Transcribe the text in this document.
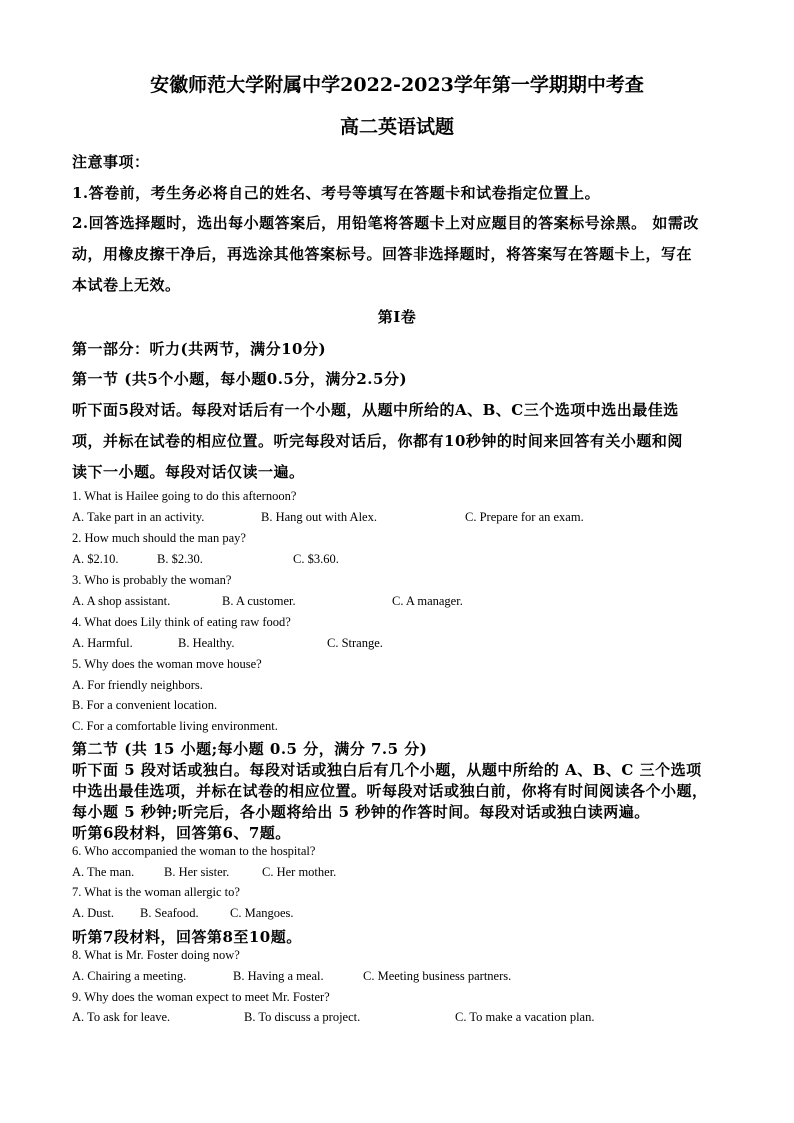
安徽师范大学附属中学2022-2023学年第一学期期中考查
高二英语试题
注意事项：
1.答卷前，考生务必将自己的姓名、考号等填写在答题卡和试卷指定位置上。
2.回答选择题时，选出每小题答案后，用铅笔将答题卡上对应题目的答案标号涂黑。 如需改
动，用橡皮擦干净后，再选涂其他答案标号。回答非选择题时，将答案写在答题卡上，写在
本试卷上无效。
第I卷
第一部分：听力(共两节，满分10分)
第一节 (共5个小题，每小题0.5分，满分2.5分)
听下面5段对话。每段对话后有一个小题，从题中所给的A、B、C三个选项中选出最佳选
项，并标在试卷的相应位置。听完每段对话后，你都有10秒钟的时间来回答有关小题和阅
读下一小题。每段对话仅读一遍。
1. What is Hailee going to do this afternoon?
A. Take part in an activity.	B. Hang out with Alex.	C. Prepare for an exam.
2. How much should the man pay?
A. $2.10.	B. $2.30.	C. $3.60.
3. Who is probably the woman?
A. A shop assistant.	B. A customer.	C. A manager.
4. What does Lily think of eating raw food?
A. Harmful.	B. Healthy.	C. Strange.
5. Why does the woman move house?
A. For friendly neighbors.
B. For a convenient location.
C. For a comfortable living environment.
第二节 (共 15 小题;每小题 0.5 分，满分 7.5 分)
听下面 5 段对话或独白。每段对话或独白后有几个小题，从题中所给的 A、B、C 三个选项
中选出最佳选项，并标在试卷的相应位置。听每段对话或独白前，你将有时间阅读各个小题，
每小题 5 秒钟;听完后，各小题将给出 5 秒钟的作答时间。每段对话或独白读两遍。
听第6段材料，回答第6、7题。
6. Who accompanied the woman to the hospital?
A. The man. B. Her sister.	C. Her mother.
7. What is the woman allergic to?
A. Dust. B. Seafood.	C. Mangoes.
听第7段材料，回答第8至10题。
8. What is Mr. Foster doing now?
A. Chairing a meeting.	B. Having a meal.	C. Meeting business partners.
9. Why does the woman expect to meet Mr. Foster?
A. To ask for leave.	B. To discuss a project.	C. To make a vacation plan.
